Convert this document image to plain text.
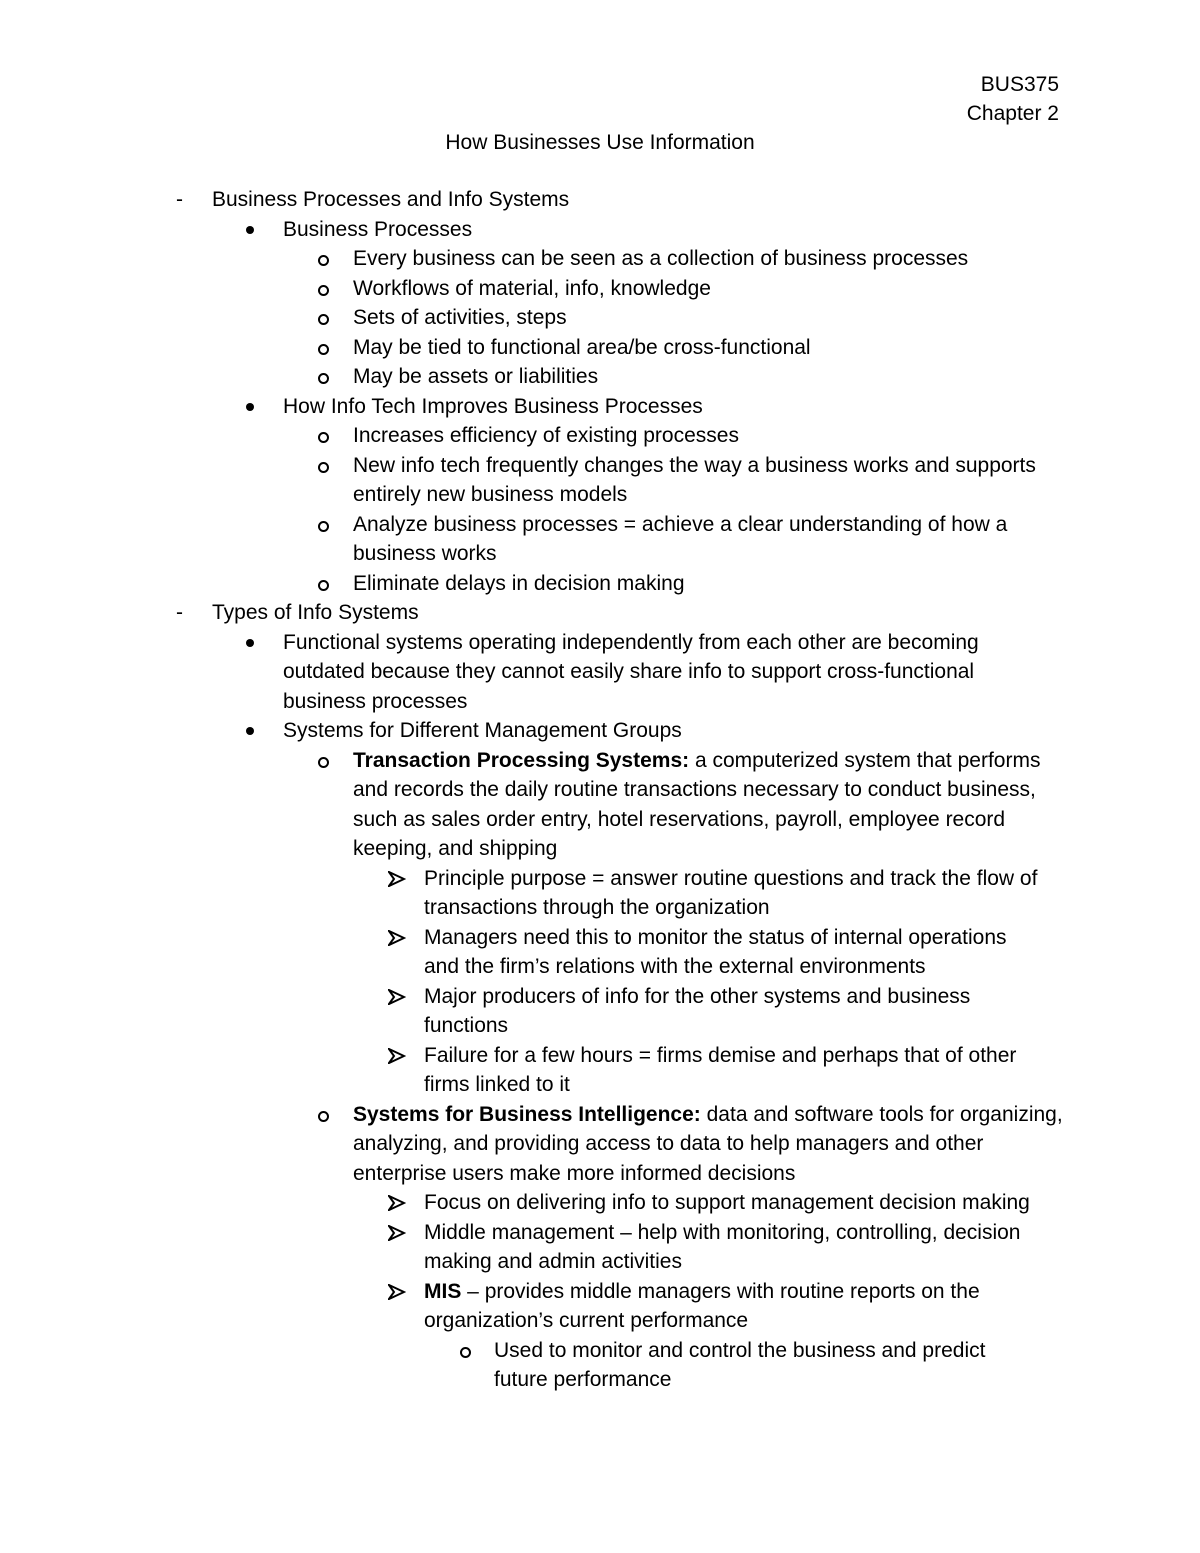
BUS375
Chapter 2
How Businesses Use Information
- Business Processes and Info Systems
Business Processes
Every business can be seen as a collection of business processes
Workflows of material, info, knowledge
Sets of activities, steps
May be tied to functional area/be cross-functional
May be assets or liabilities
How Info Tech Improves Business Processes
Increases efficiency of existing processes
New info tech frequently changes the way a business works and supports
entirely new business models
Analyze business processes = achieve a clear understanding of how a
business works
Eliminate delays in decision making
- Types of Info Systems
Functional systems operating independently from each other are becoming
outdated because they cannot easily share info to support cross-functional
business processes
Systems for Different Management Groups
Transaction Processing Systems: a computerized system that performs
and records the daily routine transactions necessary to conduct business,
such as sales order entry, hotel reservations, payroll, employee record
keeping, and shipping
Principle purpose = answer routine questions and track the flow of
transactions through the organization
Managers need this to monitor the status of internal operations
and the firm’s relations with the external environments
Major producers of info for the other systems and business
functions
Failure for a few hours = firms demise and perhaps that of other
firms linked to it
Systems for Business Intelligence: data and software tools for organizing,
analyzing, and providing access to data to help managers and other
enterprise users make more informed decisions
Focus on delivering info to support management decision making
Middle management – help with monitoring, controlling, decision
making and admin activities
MIS – provides middle managers with routine reports on the
organization’s current performance
Used to monitor and control the business and predict
future performance
